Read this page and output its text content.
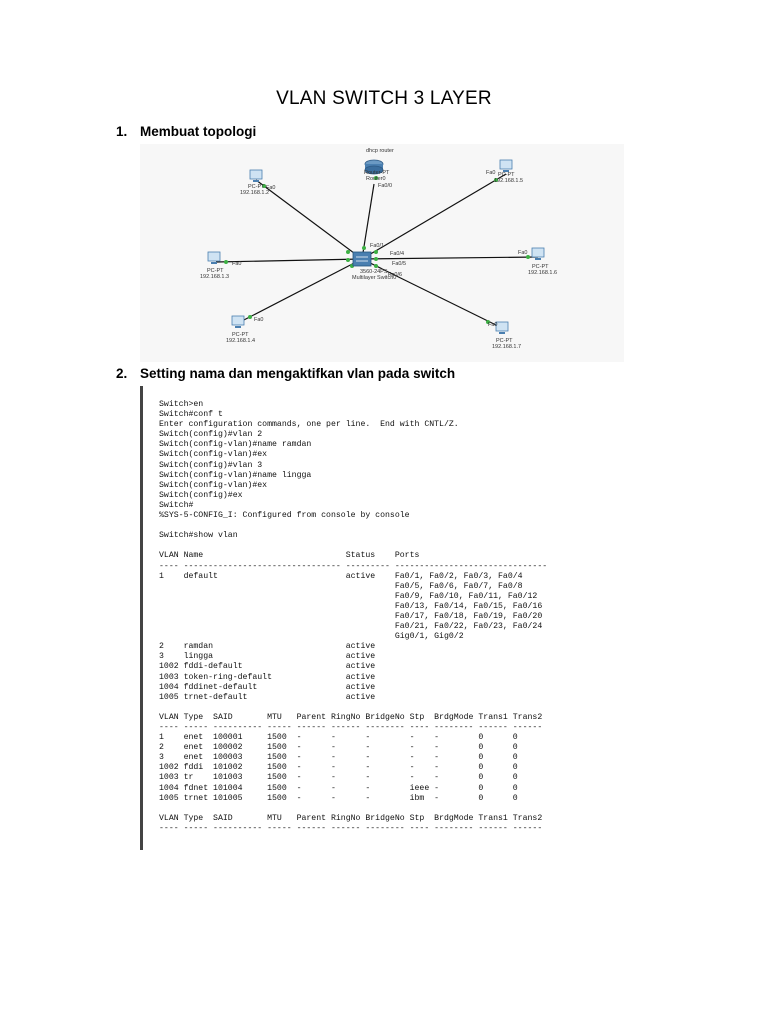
VLAN SWITCH 3 LAYER
1. Membuat topologi
dhcp router
Router-PT
Router0
Fa0/0
3560-24PS
Multilayer Switch0
Fa0/1
Fa0/4
Fa0/5
Fa0/6
PC-PT
192.168.1.2
Fa0
PC-PT
192.168.1.3
Fa0
PC-PT
192.168.1.4
Fa0
PC-PT
192.168.1.5
Fa0
PC-PT
192.168.1.6
Fa0
PC-PT
192.168.1.7
Fa0
2. Setting nama dan mengaktifkan vlan pada switch
Switch>en
Switch#conf t
Enter configuration commands, one per line.  End with CNTL/Z.
Switch(config)#vlan 2
Switch(config-vlan)#name ramdan
Switch(config-vlan)#ex
Switch(config)#vlan 3
Switch(config-vlan)#name lingga
Switch(config-vlan)#ex
Switch(config)#ex
Switch#
%SYS-5-CONFIG_I: Configured from console by console

Switch#show vlan

VLAN Name                             Status    Ports
---- -------------------------------- --------- -------------------------------
1    default                          active    Fa0/1, Fa0/2, Fa0/3, Fa0/4
Fa0/5, Fa0/6, Fa0/7, Fa0/8
Fa0/9, Fa0/10, Fa0/11, Fa0/12
Fa0/13, Fa0/14, Fa0/15, Fa0/16
Fa0/17, Fa0/18, Fa0/19, Fa0/20
Fa0/21, Fa0/22, Fa0/23, Fa0/24
Gig0/1, Gig0/2
2    ramdan                           active
3    lingga                           active
1002 fddi-default                     active
1003 token-ring-default               active
1004 fddinet-default                  active
1005 trnet-default                    active

VLAN Type  SAID       MTU   Parent RingNo BridgeNo Stp  BrdgMode Trans1 Trans2
---- ----- ---------- ----- ------ ------ -------- ---- -------- ------ ------
1    enet  100001     1500  -      -      -        -    -        0      0
2    enet  100002     1500  -      -      -        -    -        0      0
3    enet  100003     1500  -      -      -        -    -        0      0
1002 fddi  101002     1500  -      -      -        -    -        0      0
1003 tr    101003     1500  -      -      -        -    -        0      0
1004 fdnet 101004     1500  -      -      -        ieee -        0      0
1005 trnet 101005     1500  -      -      -        ibm  -        0      0

VLAN Type  SAID       MTU   Parent RingNo BridgeNo Stp  BrdgMode Trans1 Trans2
---- ----- ---------- ----- ------ ------ -------- ---- -------- ------ ------
